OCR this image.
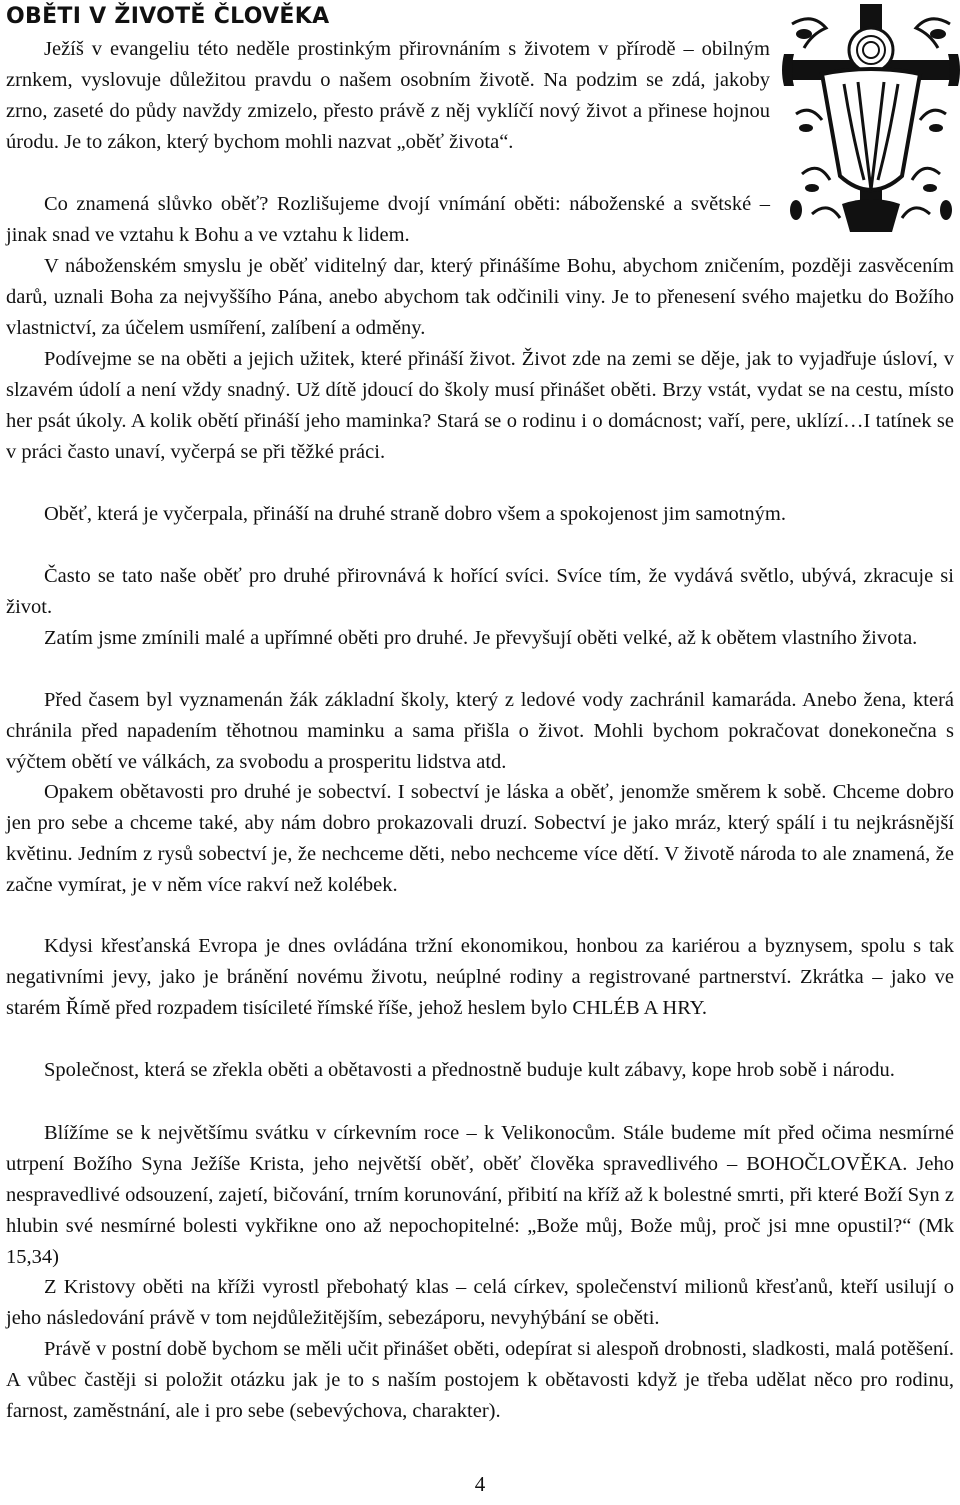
OBĚTI V ŽIVOTĚ ČLOVĚKA

Ježíš v evangeliu této neděle prostinkým přirovnáním s životem v přírodě – obilným zrnkem, vyslovuje důležitou pravdu o našem osobním životě. Na podzim se zdá, jakoby zrno, zaseté do půdy navždy zmizelo, přesto právě z něj vyklíčí nový život a přinese hojnou úrodu. Je to zákon, který bychom mohli nazvat „oběť života“.

Co znamená slůvko oběť? Rozlišujeme dvojí vnímání oběti: náboženské a světské – jinak snad ve vztahu k Bohu a ve vztahu k lidem.

V náboženském smyslu je oběť viditelný dar, který přinášíme Bohu, abychom zničením, později zasvěcením darů, uznali Boha za nejvyššího Pána, anebo abychom tak odčinili viny. Je to přenesení svého majetku do Božího vlastnictví, za účelem usmíření, zalíbení a odměny.

Podívejme se na oběti a jejich užitek, které přináší život. Život zde na zemi se děje, jak to vyjadřuje úsloví, v slzavém údolí a není vždy snadný. Už dítě jdoucí do školy musí přinášet oběti. Brzy vstát, vydat se na cestu, místo her psát úkoly. A kolik obětí přináší jeho maminka? Stará se o rodinu i o domácnost; vaří, pere, uklízí…I tatínek se v práci často unaví, vyčerpá se při těžké práci.

Oběť, která je vyčerpala, přináší na druhé straně dobro všem a spokojenost jim samotným.

Často se tato naše oběť pro druhé přirovnává k hořící svíci. Svíce tím, že vydává světlo, ubývá, zkracuje si život.

Zatím jsme zmínili malé a upřímné oběti pro druhé. Je převyšují oběti velké, až k obětem vlastního života.

Před časem byl vyznamenán žák základní školy, který z ledové vody zachránil kamaráda. Anebo žena, která chránila před napadením těhotnou maminku a sama přišla o život. Mohli bychom pokračovat donekonečna s výčtem obětí ve válkách, za svobodu a prosperitu lidstva atd.

Opakem obětavosti pro druhé je sobectví. I sobectví je láska a oběť, jenomže směrem k sobě. Chceme dobro jen pro sebe a chceme také, aby nám dobro prokazovali druzí. Sobectví je jako mráz, který spálí i tu nejkrásnější květinu. Jedním z rysů sobectví je, že nechceme děti, nebo nechceme více dětí. V životě národa to ale znamená, že začne vymírat, je v něm více rakví než kolébek.

Kdysi křesťanská Evropa je dnes ovládána tržní ekonomikou, honbou za kariérou a byznysem, spolu s tak negativními jevy, jako je bránění novému životu, neúplné rodiny a registrované partnerství. Zkrátka – jako ve starém Římě před rozpadem tisícileté římské říše, jehož heslem bylo CHLÉB A HRY.

Společnost, která se zřekla oběti a obětavosti a přednostně buduje kult zábavy, kope hrob sobě i národu.

Blížíme se k největšímu svátku v církevním roce – k Velikonocům. Stále budeme mít před očima nesmírné utrpení Božího Syna Ježíše Krista, jeho největší oběť, oběť člověka spravedlivého – BOHOČLOVĚKA. Jeho nespravedlivé odsouzení, zajetí, bičování, trním korunování, přibití na kříž až k bolestné smrti, při které Boží Syn z hlubin své nesmírné bolesti vykřikne ono až nepochopitelné: „Bože můj, Bože můj, proč jsi mne opustil?“ (Mk 15,34)

Z Kristovy oběti na kříži vyrostl přebohatý klas – celá církev, společenství milionů křesťanů, kteří usilují o jeho následování právě v tom nejdůležitějším, sebezáporu, nevyhýbání se oběti.

Právě v postní době bychom se měli učit přinášet oběti, odepírat si alespoň drobnosti, sladkosti, malá potěšení. A vůbec častěji si položit otázku jak je to s naším postojem k obětavosti když je třeba udělat něco pro rodinu, farnost, zaměstnání, ale i pro sebe (sebevýchova, charakter).

4
